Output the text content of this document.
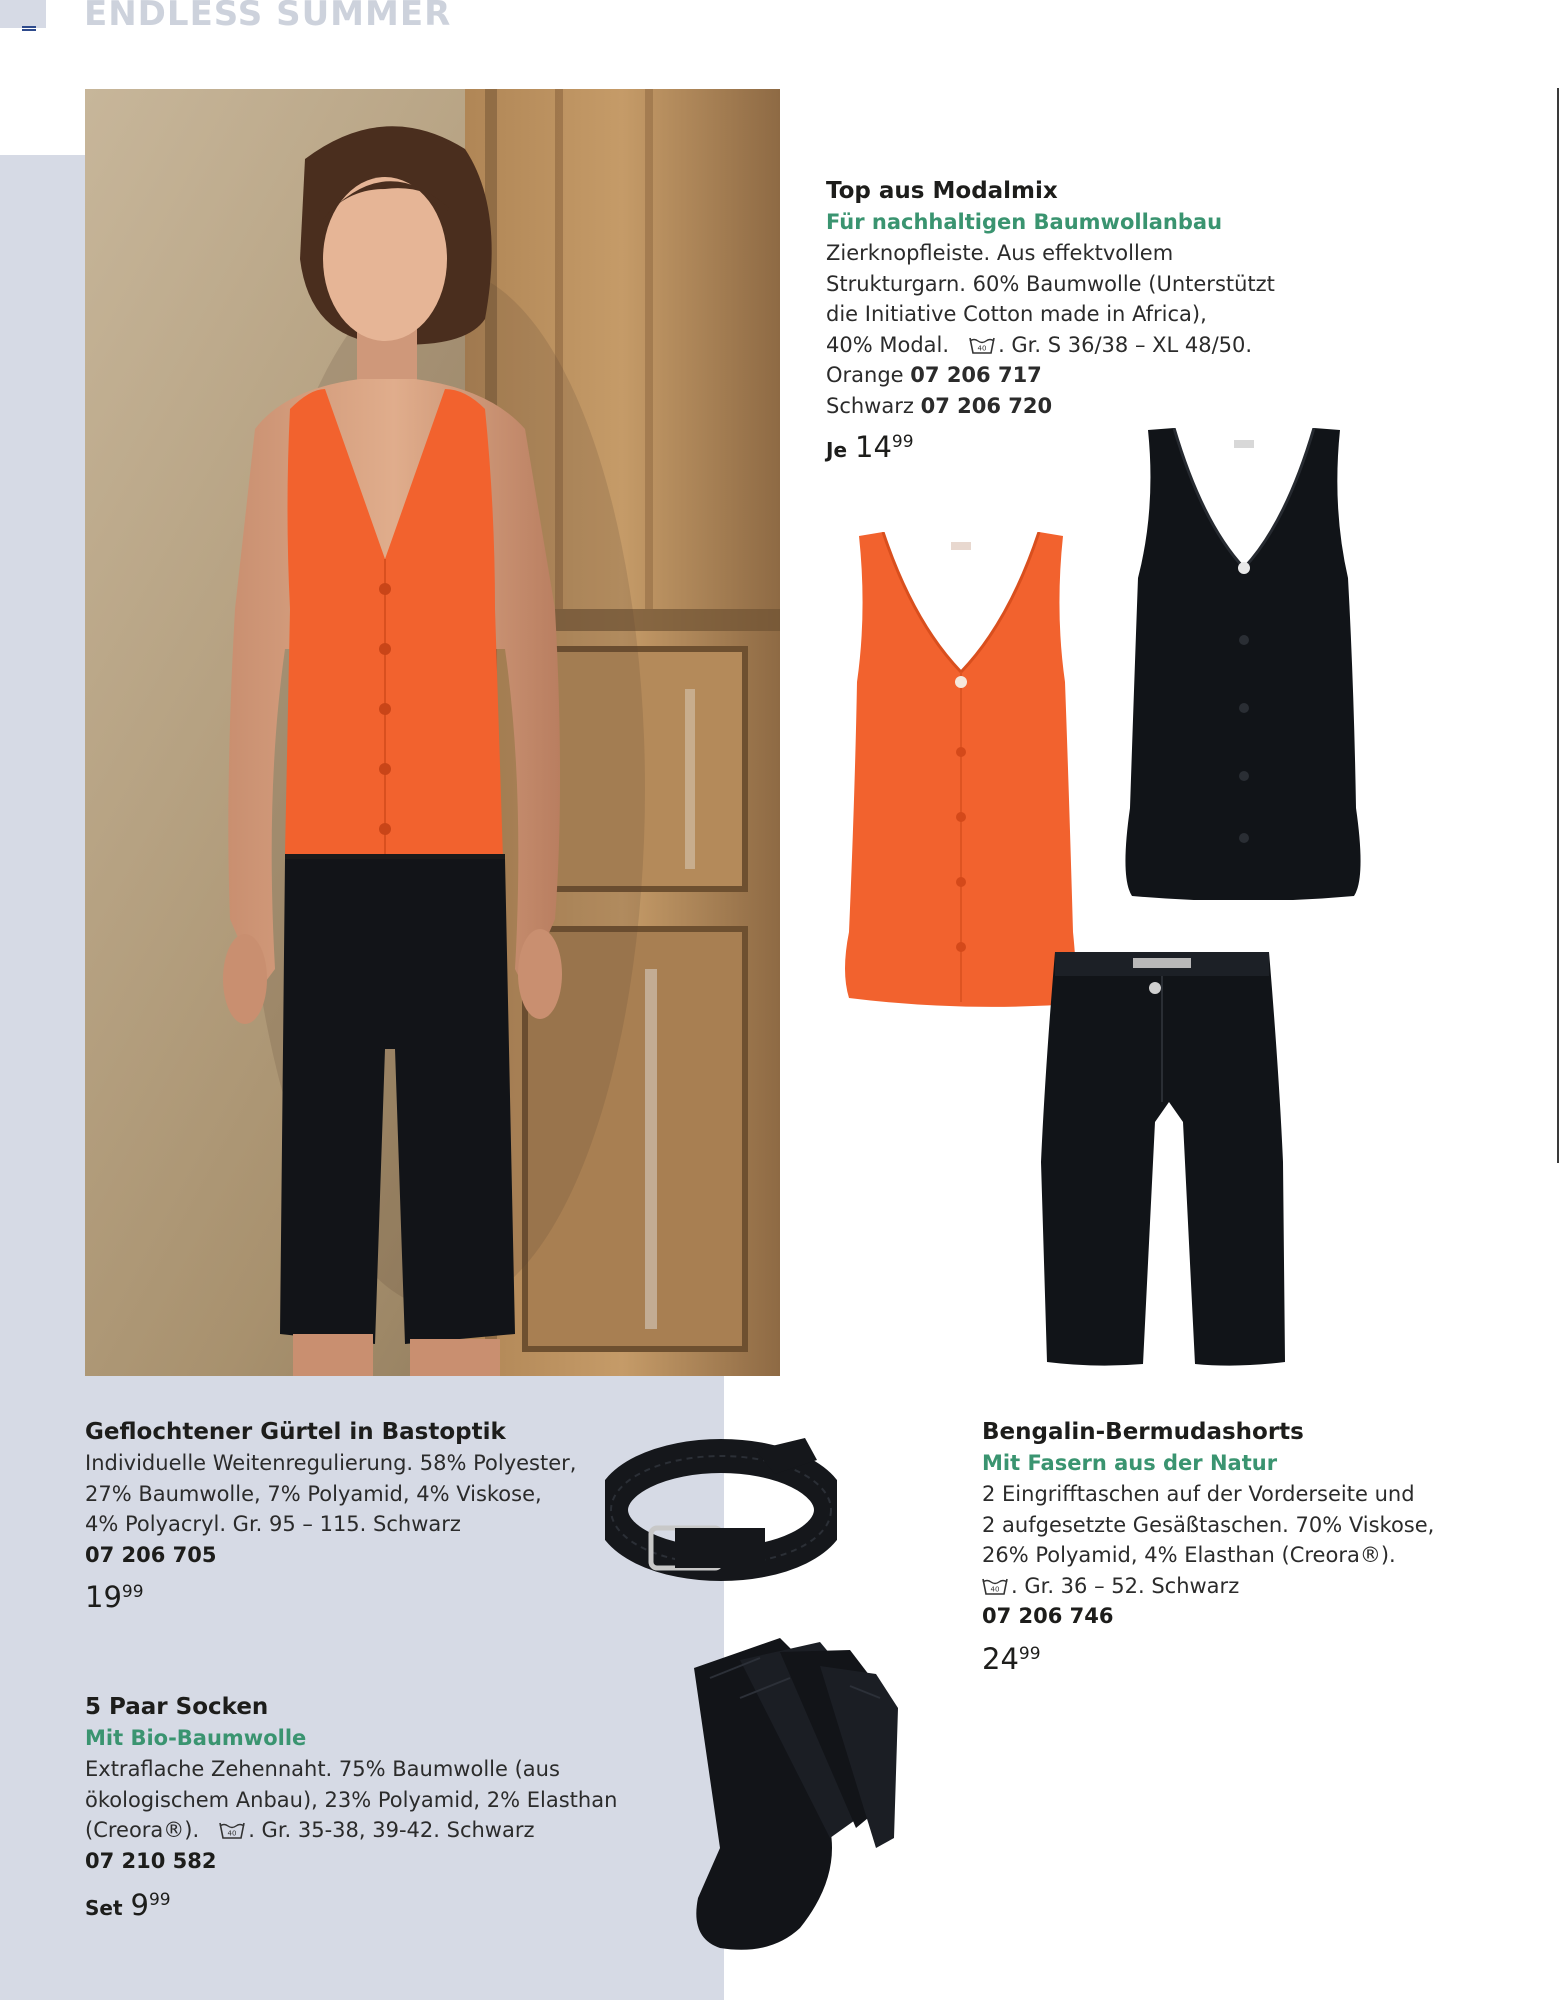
ENDLESS SUMMER
Top aus Modalmix
Für nachhaltigen Baumwollanbau
Zierknopfleiste. Aus effektvollem
Strukturgarn. 60% Baumwolle (Unterstützt
die Initiative Cotton made in Africa),
40% Modal.	40 . Gr. S 36/38 – XL 48/50.
Orange 07 206 717
Schwarz 07 206 720
Je $14^{99}$
Geflochtener Gürtel in Bastoptik
Individuelle Weitenregulierung. 58% Polyester,
27% Baumwolle, 7% Polyamid, 4% Viskose,
4% Polyacryl. Gr. 95 – 115. Schwarz
07 206 705
$19^{99}$
Bengalin-Bermudashorts
Mit Fasern aus der Natur
2 Eingrifftaschen auf der Vorderseite und
2 aufgesetzte Gesäßtaschen. 70% Viskose,
26% Polyamid, 4% Elasthan (Creora®).
40 . Gr. 36 – 52. Schwarz
07 206 746
$24^{99}$
5 Paar Socken
Mit Bio-Baumwolle
Extraflache Zehennaht. 75% Baumwolle (aus
ökologischem Anbau), 23% Polyamid, 2% Elasthan
(Creora®).	40 . Gr. 35-38, 39-42. Schwarz
07 210 582
Set $9^{99}$
